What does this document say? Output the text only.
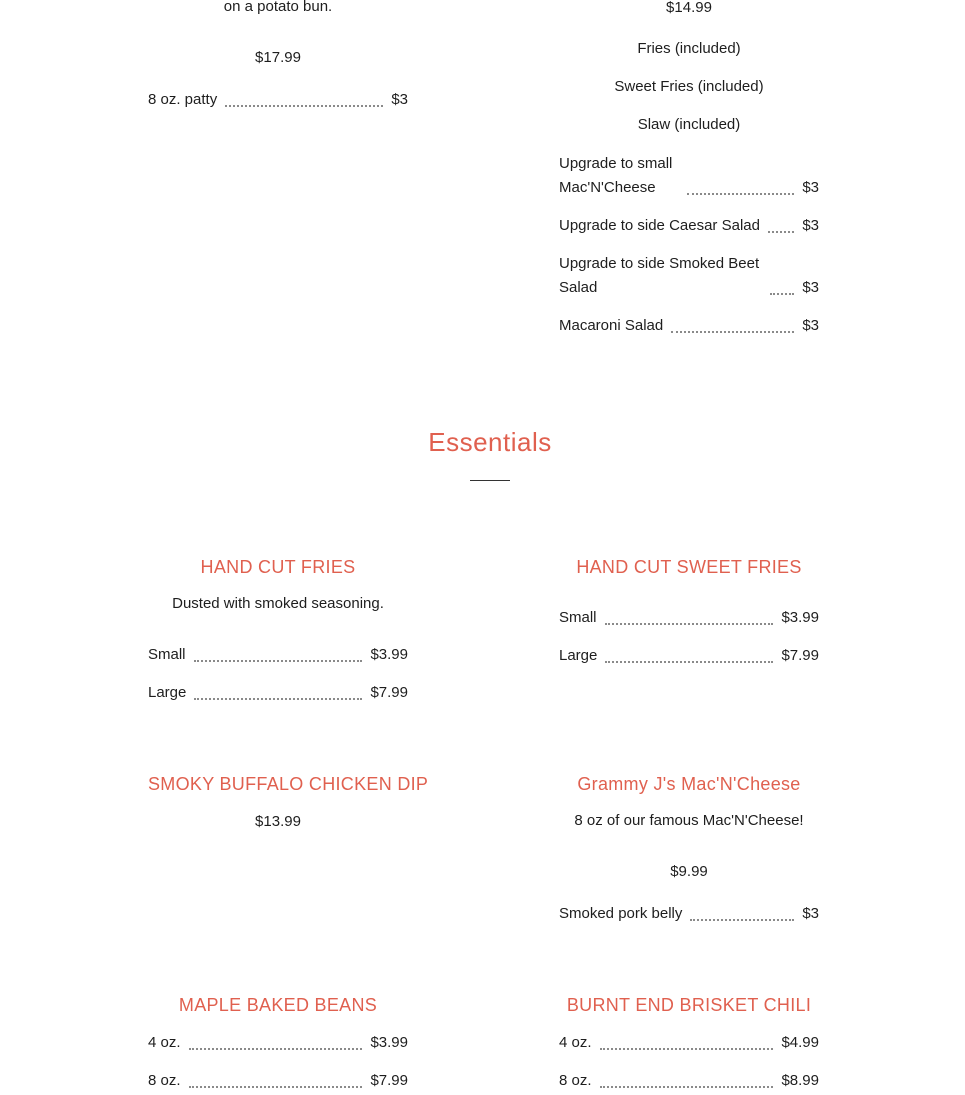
on a potato bun.
$17.99
8 oz. patty	$3
$14.99
Fries (included)
Sweet Fries (included)
Slaw (included)
Upgrade to small Mac'N'Cheese	$3
Upgrade to side Caesar Salad	$3
Upgrade to side Smoked Beet Salad	$3
Macaroni Salad	$3
Essentials
HAND CUT FRIES
Dusted with smoked seasoning.
Small	$3.99
Large	$7.99
HAND CUT SWEET FRIES
Small	$3.99
Large	$7.99
SMOKY BUFFALO CHICKEN DIP
$13.99
Grammy J's Mac'N'Cheese
8 oz of our famous Mac'N'Cheese!
$9.99
Smoked pork belly	$3
MAPLE BAKED BEANS
4 oz.	$3.99
8 oz.	$7.99
BURNT END BRISKET CHILI
4 oz.	$4.99
8 oz.	$8.99
